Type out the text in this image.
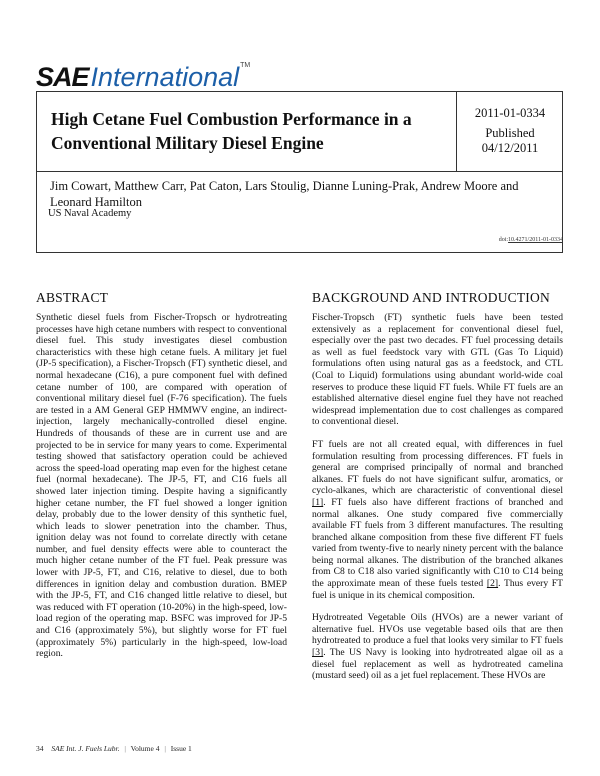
SAE International TM
High Cetane Fuel Combustion Performance in a Conventional Military Diesel Engine
2011-01-0334
Published
04/12/2011

Jim Cowart, Matthew Carr, Pat Caton, Lars Stoulig, Dianne Luning-Prak, Andrew Moore and Leonard Hamilton

US Naval Academy
doi:10.4271/2011-01-0334
ABSTRACT

Synthetic diesel fuels from Fischer-Tropsch or hydrotreating processes have high cetane numbers with respect to conventional diesel fuel. This study investigates diesel combustion characteristics with these high cetane fuels. A military jet fuel (JP-5 specification), a Fischer-Tropsch (FT) synthetic diesel, and normal hexadecane (C16), a pure component fuel with defined cetane number of 100, are compared with operation of conventional military diesel fuel (F-76 specification). The fuels are tested in a AM General GEP HMMWV engine, an indirect-injection, largely mechanically-controlled diesel engine. Hundreds of thousands of these are in current use and are projected to be in service for many years to come. Experimental testing showed that satisfactory operation could be achieved across the speed-load operating map even for the highest cetane fuel (normal hexadecane). The JP-5, FT, and C16 fuels all showed later injection timing. Despite having a significantly higher cetane number, the FT fuel showed a longer ignition delay, probably due to the lower density of this synthetic fuel, which leads to slower penetration into the chamber. Thus, ignition delay was not found to correlate directly with cetane number, and fuel density effects were able to counteract the much higher cetane number of the FT fuel. Peak pressure was lower with JP-5, FT, and C16, relative to diesel, due to both differences in ignition delay and combustion duration. BMEP with the JP-5, FT, and C16 changed little relative to diesel, but was reduced with FT operation (10-20%) in the high-speed, low-load region of the operating map. BSFC was improved for JP-5 and C16 (approximately 5%), but slightly worse for FT fuel (approximately 5%) particularly in the high-speed, low-load region.

BACKGROUND AND INTRODUCTION

Fischer-Tropsch (FT) synthetic fuels have been tested extensively as a replacement for conventional diesel fuel, especially over the past two decades. FT fuel processing details as well as fuel feedstock vary with GTL (Gas To Liquid) formulations often using natural gas as a feedstock, and CTL (Coal to Liquid) formulations using abundant world-wide coal reserves to produce these liquid FT fuels. While FT fuels are an established alternative diesel engine fuel they have not reached widespread implementation due to cost challenges as compared to conventional diesel.

FT fuels are not all created equal, with differences in fuel formulation resulting from processing differences. FT fuels in general are comprised principally of normal and branched alkanes. FT fuels do not have significant sulfur, aromatics, or cyclo-alkanes, which are characteristic of conventional diesel [1]. FT fuels also have different fractions of branched and normal alkanes. One study compared five commercially available FT fuels from 3 different manufactures. The resulting branched alkane composition from these five different FT fuels varied from twenty-five to nearly ninety percent with the balance being normal alkanes. The distribution of the branched alkanes from C8 to C18 also varied significantly with C10 to C14 being the approximate mean of these fuels tested [2]. Thus every FT fuel is unique in its chemical composition.

Hydrotreated Vegetable Oils (HVOs) are a newer variant of alternative fuel. HVOs use vegetable based oils that are then hydrotreated to produce a fuel that looks very similar to FT fuels [3]. The US Navy is looking into hydrotreated algae oil as a diesel fuel replacement as well as hydrotreated camelina (mustard seed) oil as a jet fuel replacement. These HVOs are

34 SAE Int. J. Fuels Lubr. | Volume 4 | Issue 1
